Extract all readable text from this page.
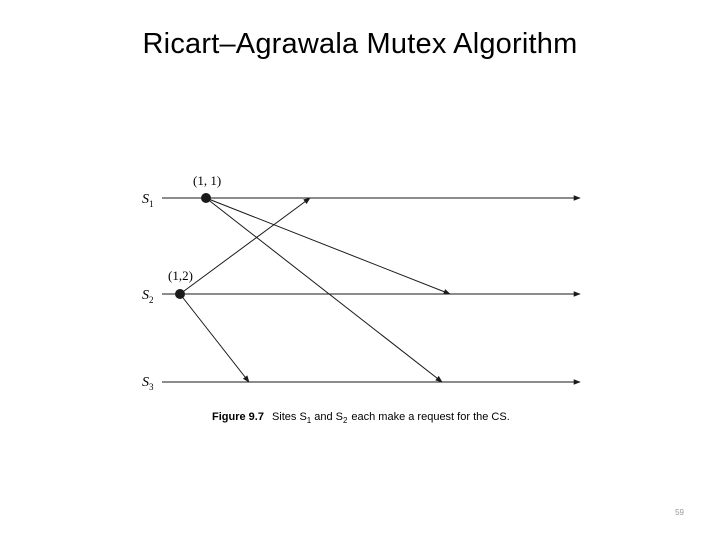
Ricart–Agrawala Mutex Algorithm
$S_1$
$S_2$
$S_3$
(1, 1)
(1,2)
Figure 9.7 Sites $S_1$ and $S_2$ each make a request for the CS.
59
